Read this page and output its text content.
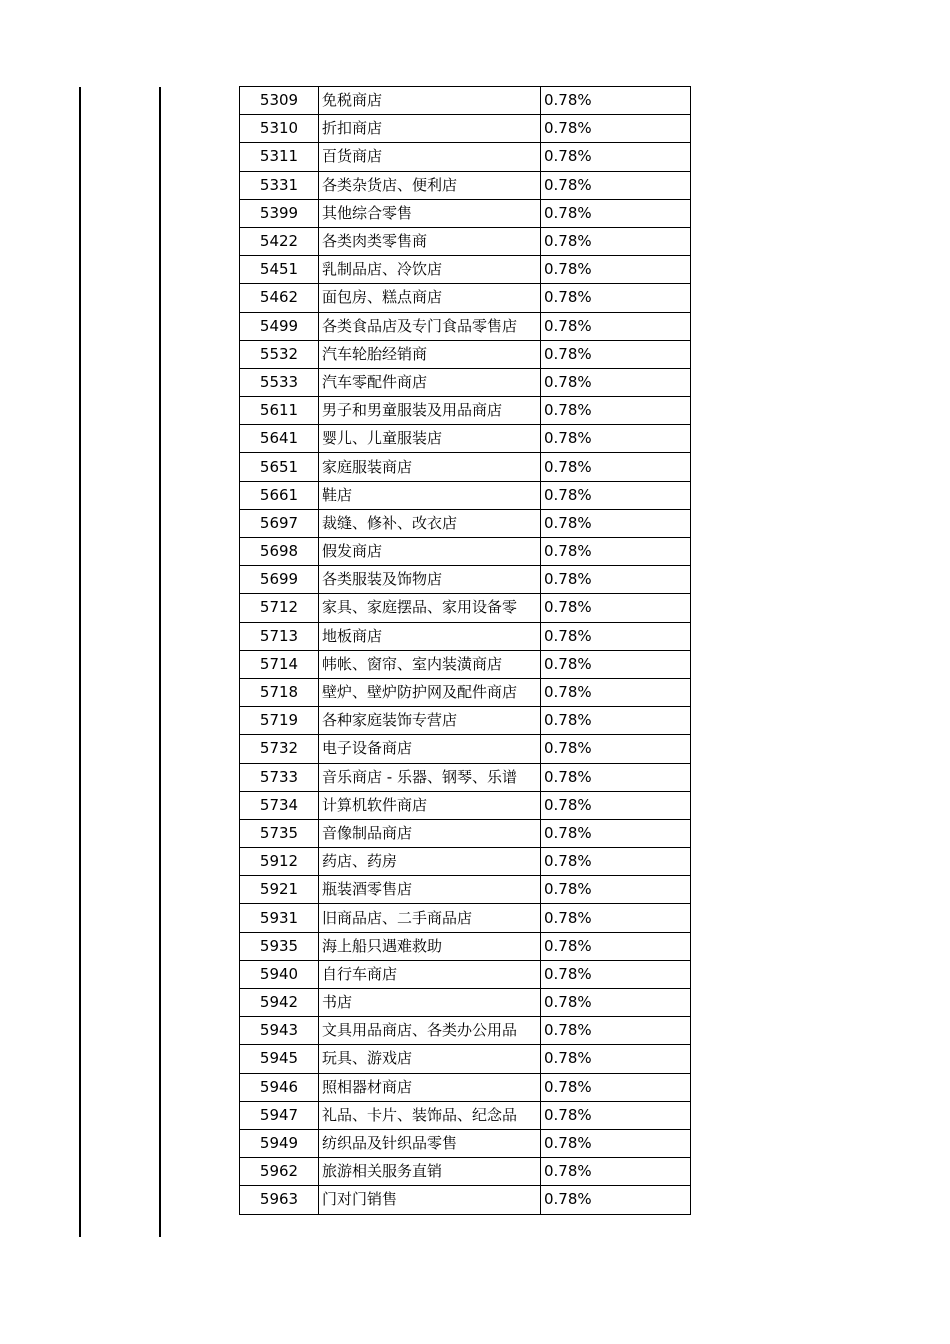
5309	免税商店	0.78%
5310	折扣商店	0.78%
5311	百货商店	0.78%
5331	各类杂货店、便利店	0.78%
5399	其他综合零售	0.78%
5422	各类肉类零售商	0.78%
5451	乳制品店、冷饮店	0.78%
5462	面包房、糕点商店	0.78%
5499	各类食品店及专门食品零售店	0.78%
5532	汽车轮胎经销商	0.78%
5533	汽车零配件商店	0.78%
5611	男子和男童服装及用品商店	0.78%
5641	婴儿、儿童服装店	0.78%
5651	家庭服装商店	0.78%
5661	鞋店	0.78%
5697	裁缝、修补、改衣店	0.78%
5698	假发商店	0.78%
5699	各类服装及饰物店	0.78%
5712	家具、家庭摆品、家用设备零	0.78%
5713	地板商店	0.78%
5714	帏帐、窗帘、室内装潢商店	0.78%
5718	壁炉、壁炉防护网及配件商店	0.78%
5719	各种家庭装饰专营店	0.78%
5732	电子设备商店	0.78%
5733	音乐商店 - 乐器、钢琴、乐谱	0.78%
5734	计算机软件商店	0.78%
5735	音像制品商店	0.78%
5912	药店、药房	0.78%
5921	瓶装酒零售店	0.78%
5931	旧商品店、二手商品店	0.78%
5935	海上船只遇难救助	0.78%
5940	自行车商店	0.78%
5942	书店	0.78%
5943	文具用品商店、各类办公用品	0.78%
5945	玩具、游戏店	0.78%
5946	照相器材商店	0.78%
5947	礼品、卡片、装饰品、纪念品	0.78%
5949	纺织品及针织品零售	0.78%
5962	旅游相关服务直销	0.78%
5963	门对门销售	0.78%
